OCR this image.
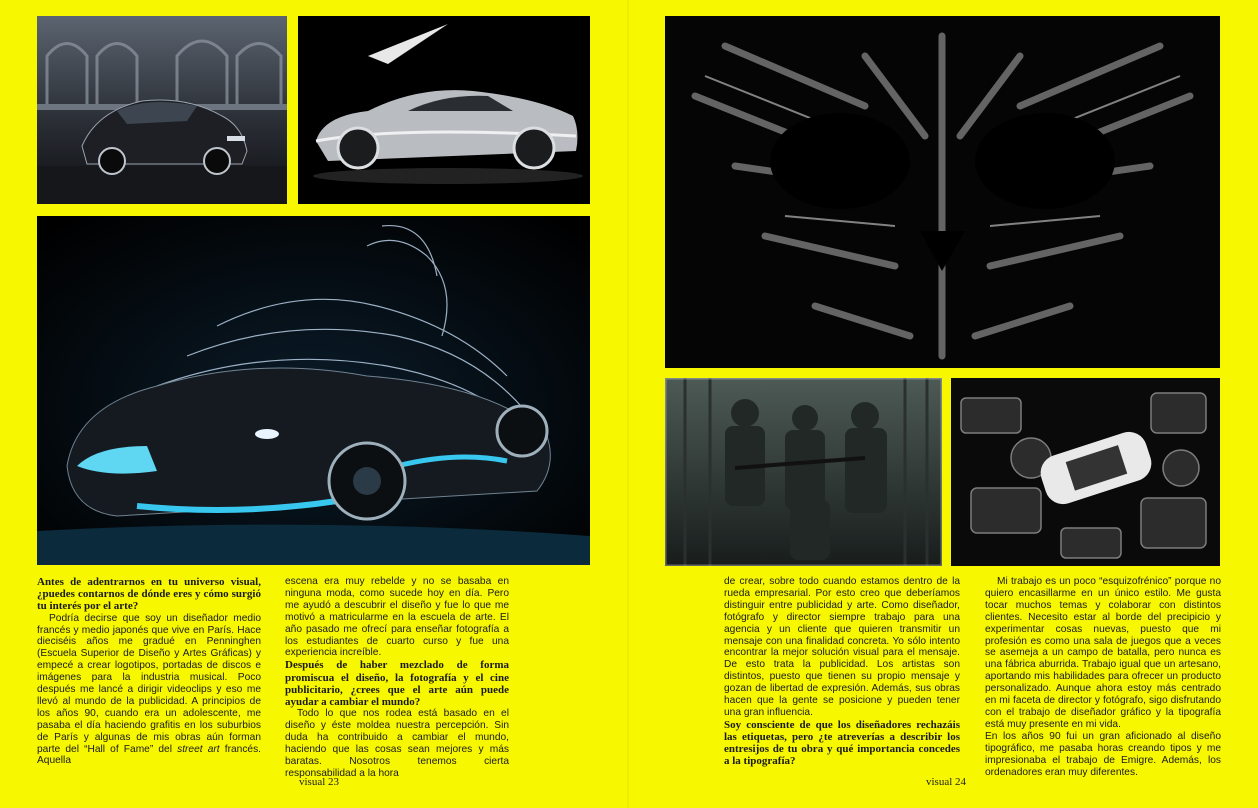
Antes de adentrarnos en tu universo visual, ¿puedes contarnos de dónde eres y cómo surgió tu interés por el arte?

Podría decirse que soy un diseñador medio francés y medio japonés que vive en París. Hace dieciséis años me gradué en Penninghen (Escuela Superior de Diseño y Artes Gráficas) y empecé a crear logotipos, portadas de discos e imágenes para la industria musical. Poco después me lancé a dirigir videoclips y eso me llevó al mundo de la publicidad. A principios de los años 90, cuando era un adolescente, me pasaba el día haciendo grafitis en los suburbios de París y algunas de mis obras aún forman parte del “Hall of Fame” del street art francés. Aquella

escena era muy rebelde y no se basaba en ninguna moda, como sucede hoy en día. Pero me ayudó a descubrir el diseño y fue lo que me motivó a matricularme en la escuela de arte. El año pasado me ofrecí para enseñar fotografía a los estudiantes de cuarto curso y fue una experiencia increíble.

Después de haber mezclado de forma promiscua el diseño, la fotografía y el cine publicitario, ¿crees que el arte aún puede ayudar a cambiar el mundo?

Todo lo que nos rodea está basado en el diseño y éste moldea nuestra percepción. Sin duda ha contribuido a cambiar el mundo, haciendo que las cosas sean mejores y más baratas. Nosotros tenemos cierta responsabilidad a la hora

visual 23

de crear, sobre todo cuando estamos dentro de la rueda empresarial. Por esto creo que deberíamos distinguir entre publicidad y arte. Como diseñador, fotógrafo y director siempre trabajo para una agencia y un cliente que quieren transmitir un mensaje con una finalidad concreta. Yo sólo intento encontrar la mejor solución visual para el mensaje. De esto trata la publicidad. Los artistas son distintos, puesto que tienen su propio mensaje y gozan de libertad de expresión. Además, sus obras hacen que la gente se posicione y pueden tener una gran influencia.

Soy consciente de que los diseñadores rechazáis las etiquetas, pero ¿te atreverías a describir los entresijos de tu obra y qué importancia concedes a la tipografía?

Mi trabajo es un poco “esquizofrénico” porque no quiero encasillarme en un único estilo. Me gusta tocar muchos temas y colaborar con distintos clientes. Necesito estar al borde del precipicio y experimentar cosas nuevas, puesto que mi profesión es como una sala de juegos que a veces se asemeja a un campo de batalla, pero nunca es una fábrica aburrida. Trabajo igual que un artesano, aportando mis habilidades para ofrecer un producto personalizado. Aunque ahora estoy más centrado en mi faceta de director y fotógrafo, sigo disfrutando con el trabajo de diseñador gráfico y la tipografía está muy presente en mi vida.

En los años 90 fui un gran aficionado al diseño tipográfico, me pasaba horas creando tipos y me impresionaba el trabajo de Emigre. Además, los ordenadores eran muy diferentes.

visual 24
